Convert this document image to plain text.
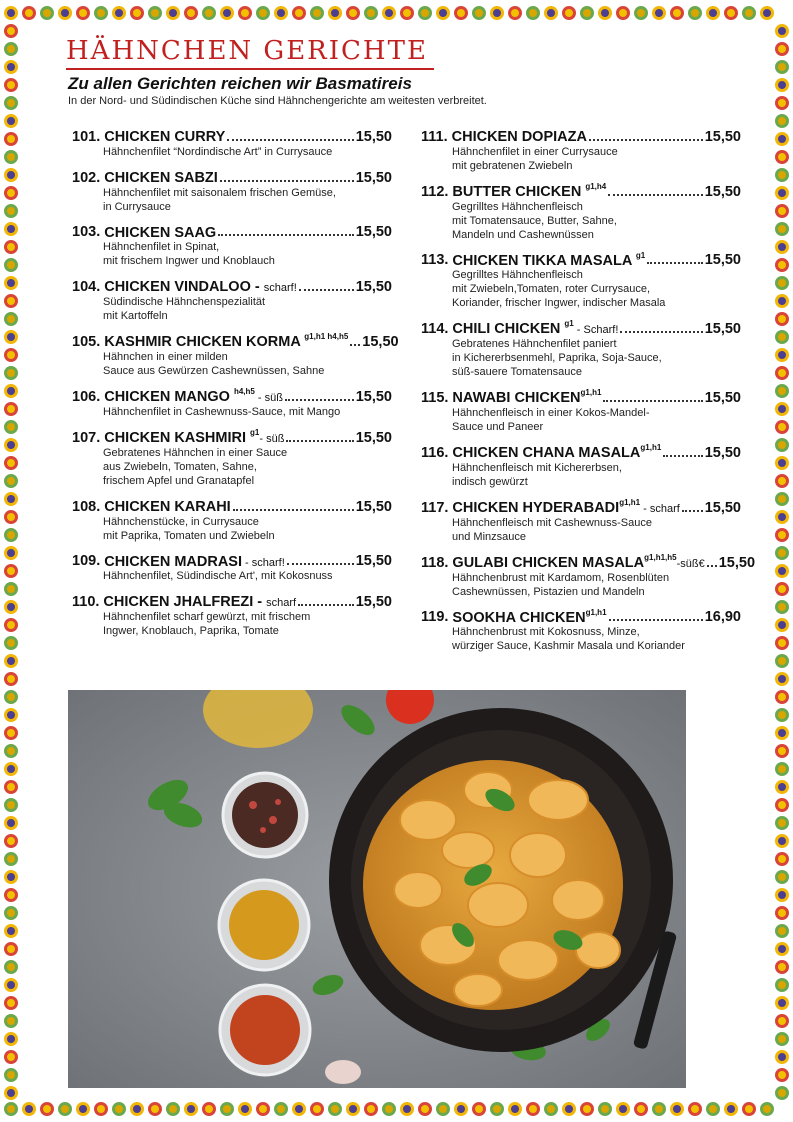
HÄHNCHEN GERICHTE
Zu allen Gerichten reichen wir Basmatireis
In der Nord- und Südindischen Küche sind Hähnchengerichte am weitesten verbreitet.
101. CHICKEN CURRY	15,50
Hähnchenfilet “Nordindische Art” in Currysauce
102. CHICKEN SABZI	15,50
Hähnchenfilet mit saisonalem frischen Gemüse,
in Currysauce
103. CHICKEN SAAG	15,50
Hähnchenfilet in Spinat,
mit frischem Ingwer und Knoblauch
104. CHICKEN VINDALOO - scharf!	15,50
Südindische Hähnchenspezialität
mit Kartoffeln
105. KASHMIR CHICKEN KORMA $^{g1,h1 h4,h5}$ 15,50
Hähnchen in einer milden
Sauce aus Gewürzen Cashewnüssen, Sahne
106. CHICKEN MANGO $^{h4,h5}$ - süß	15,50
Hähnchenfilet in Cashewnuss-Sauce, mit Mango
107. CHICKEN KASHMIRI $^{g1}$- süß	15,50
Gebratenes Hähnchen in einer Sauce
aus Zwiebeln, Tomaten, Sahne,
frischem Apfel und Granatapfel
108. CHICKEN KARAHI	15,50
Hähnchenstücke, in Currysauce
mit Paprika, Tomaten und Zwiebeln
109. CHICKEN MADRASI - scharf!	15,50
Hähnchenfilet, Südindische Art', mit Kokosnuss
110. CHICKEN JHALFREZI - scharf	15,50
Hähnchenfilet scharf gewürzt, mit frischem
Ingwer, Knoblauch, Paprika, Tomate
111. CHICKEN DOPIAZA	15,50
Hähnchenfilet in einer Currysauce
mit gebratenen Zwiebeln
112. BUTTER CHICKEN $^{g1,h4}$	15,50
Gegrilltes Hähnchenfleisch
mit Tomatensauce, Butter, Sahne,
Mandeln und Cashewnüssen
113. CHICKEN TIKKA MASALA $^{g1}$	15,50
Gegrilltes Hähnchenfleisch
mit Zwiebeln,Tomaten, roter Currysauce,
Koriander, frischer Ingwer, indischer Masala
114. CHILI CHICKEN $^{g1}$ - Scharf!	15,50
Gebratenes Hähnchenfilet paniert
in Kichererbsenmehl, Paprika, Soja-Sauce,
süß-sauere Tomatensauce
115. NAWABI $CHICKEN^{g1,h1}$	15,50
Hähnchenfleisch in einer Kokos-Mandel-
Sauce und Paneer
116. CHICKEN CHANA $MASALA^{g1,h1}$	15,50
Hähnchenfleisch mit Kichererbsen,
indisch gewürzt
117. CHICKEN $HYDERABADI^{g1,h1}$ - scharf 15,50
Hähnchenfleisch mit Cashewnuss-Sauce
und Minzsauce
118. GULABI CHICKEN $MASALA^{g1,h1,h5}-süß€$ 15,50
Hähnchenbrust mit Kardamom, Rosenblüten
Cashewnüssen, Pistazien und Mandeln
119. SOOKHA $CHICKEN^{g1,h1}$	16,90
Hähnchenbrust mit Kokosnuss, Minze,
würziger Sauce, Kashmir Masala und Koriander
